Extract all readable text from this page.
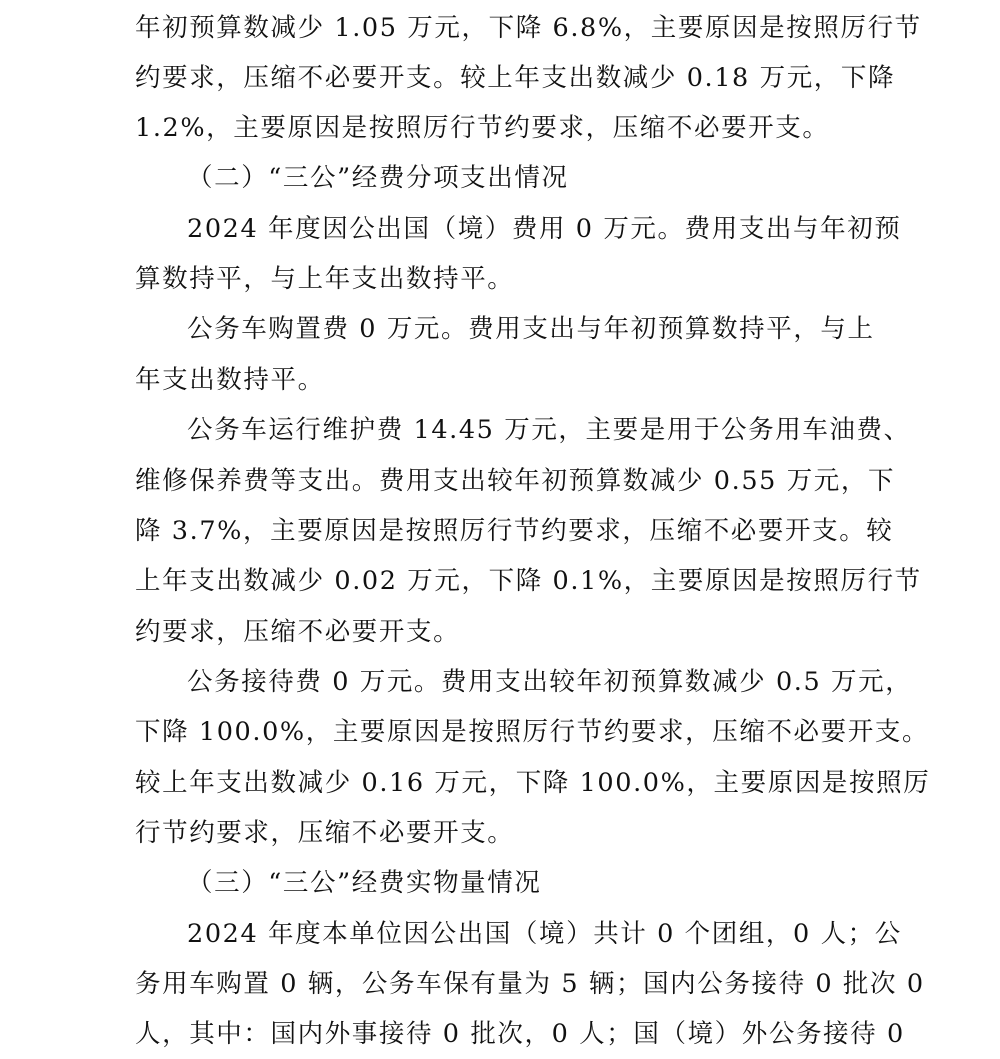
年初预算数减少 1.05 万元，下降 6.8%，主要原因是按照厉行节
约要求，压缩不必要开支。较上年支出数减少 0.18 万元，下降
1.2%，主要原因是按照厉行节约要求，压缩不必要开支。
（二）“三公”经费分项支出情况
2024 年度因公出国（境）费用 0 万元。费用支出与年初预
算数持平，与上年支出数持平。
公务车购置费 0 万元。费用支出与年初预算数持平，与上
年支出数持平。
公务车运行维护费 14.45 万元，主要是用于公务用车油费、
维修保养费等支出。费用支出较年初预算数减少 0.55 万元，下
降 3.7%，主要原因是按照厉行节约要求，压缩不必要开支。较
上年支出数减少 0.02 万元，下降 0.1%，主要原因是按照厉行节
约要求，压缩不必要开支。
公务接待费 0 万元。费用支出较年初预算数减少 0.5 万元，
下降 100.0%，主要原因是按照厉行节约要求，压缩不必要开支。
较上年支出数减少 0.16 万元，下降 100.0%，主要原因是按照厉
行节约要求，压缩不必要开支。
（三）“三公”经费实物量情况
2024 年度本单位因公出国（境）共计 0 个团组，0 人；公
务用车购置 0 辆，公务车保有量为 5 辆；国内公务接待 0 批次 0
人，其中：国内外事接待 0 批次，0 人；国（境）外公务接待 0
